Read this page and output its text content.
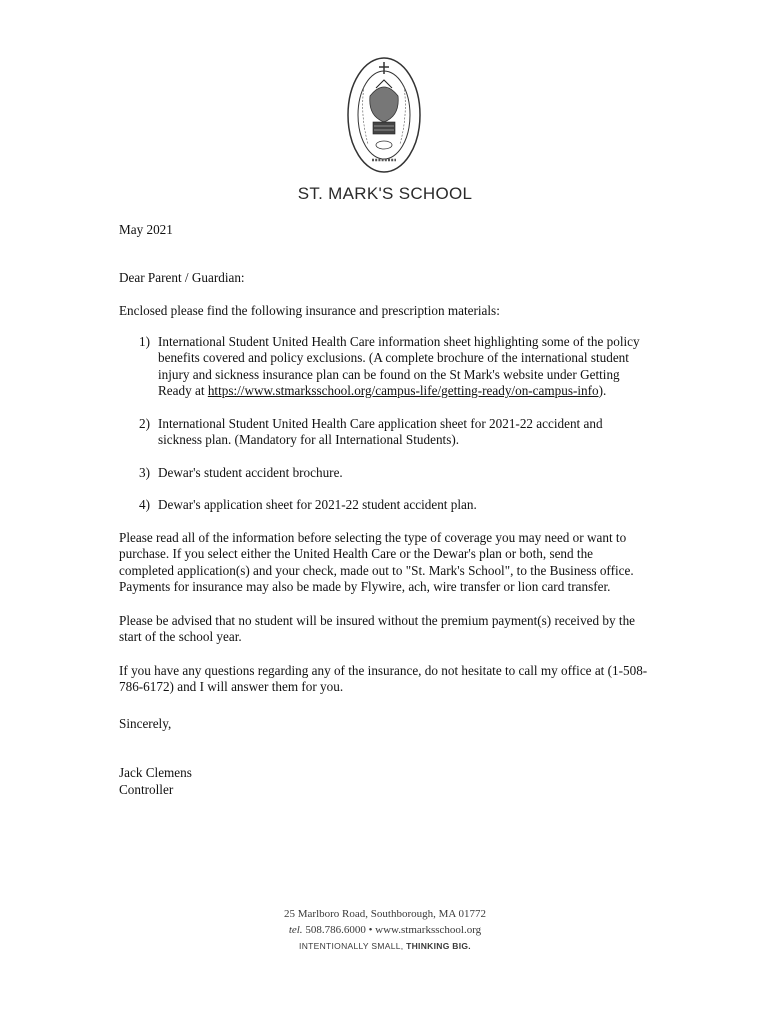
ST. MARK'S SCHOOL

May 2021

Dear Parent / Guardian:

Enclosed please find the following insurance and prescription materials:

1) International Student United Health Care information sheet highlighting some of the policy benefits covered and policy exclusions. (A complete brochure of the international student injury and sickness insurance plan can be found on the St Mark's website under Getting Ready at https://www.stmarksschool.org/campus-life/getting-ready/on-campus-info).
2) International Student United Health Care application sheet for 2021-22 accident and sickness plan. (Mandatory for all International Students).
3) Dewar's student accident brochure.
4) Dewar's application sheet for 2021-22 student accident plan.

Please read all of the information before selecting the type of coverage you may need or want to purchase. If you select either the United Health Care or the Dewar's plan or both, send the completed application(s) and your check, made out to "St. Mark's School", to the Business office. Payments for insurance may also be made by Flywire, ach, wire transfer or lion card transfer.

Please be advised that no student will be insured without the premium payment(s) received by the start of the school year.

If you have any questions regarding any of the insurance, do not hesitate to call my office at (1-508-786-6172) and I will answer them for you.

Sincerely,

Jack Clemens

Controller

25 Marlboro Road, Southborough, MA 01772
tel. 508.786.6000 • www.stmarksschool.org
INTENTIONALLY SMALL, THINKING BIG.
